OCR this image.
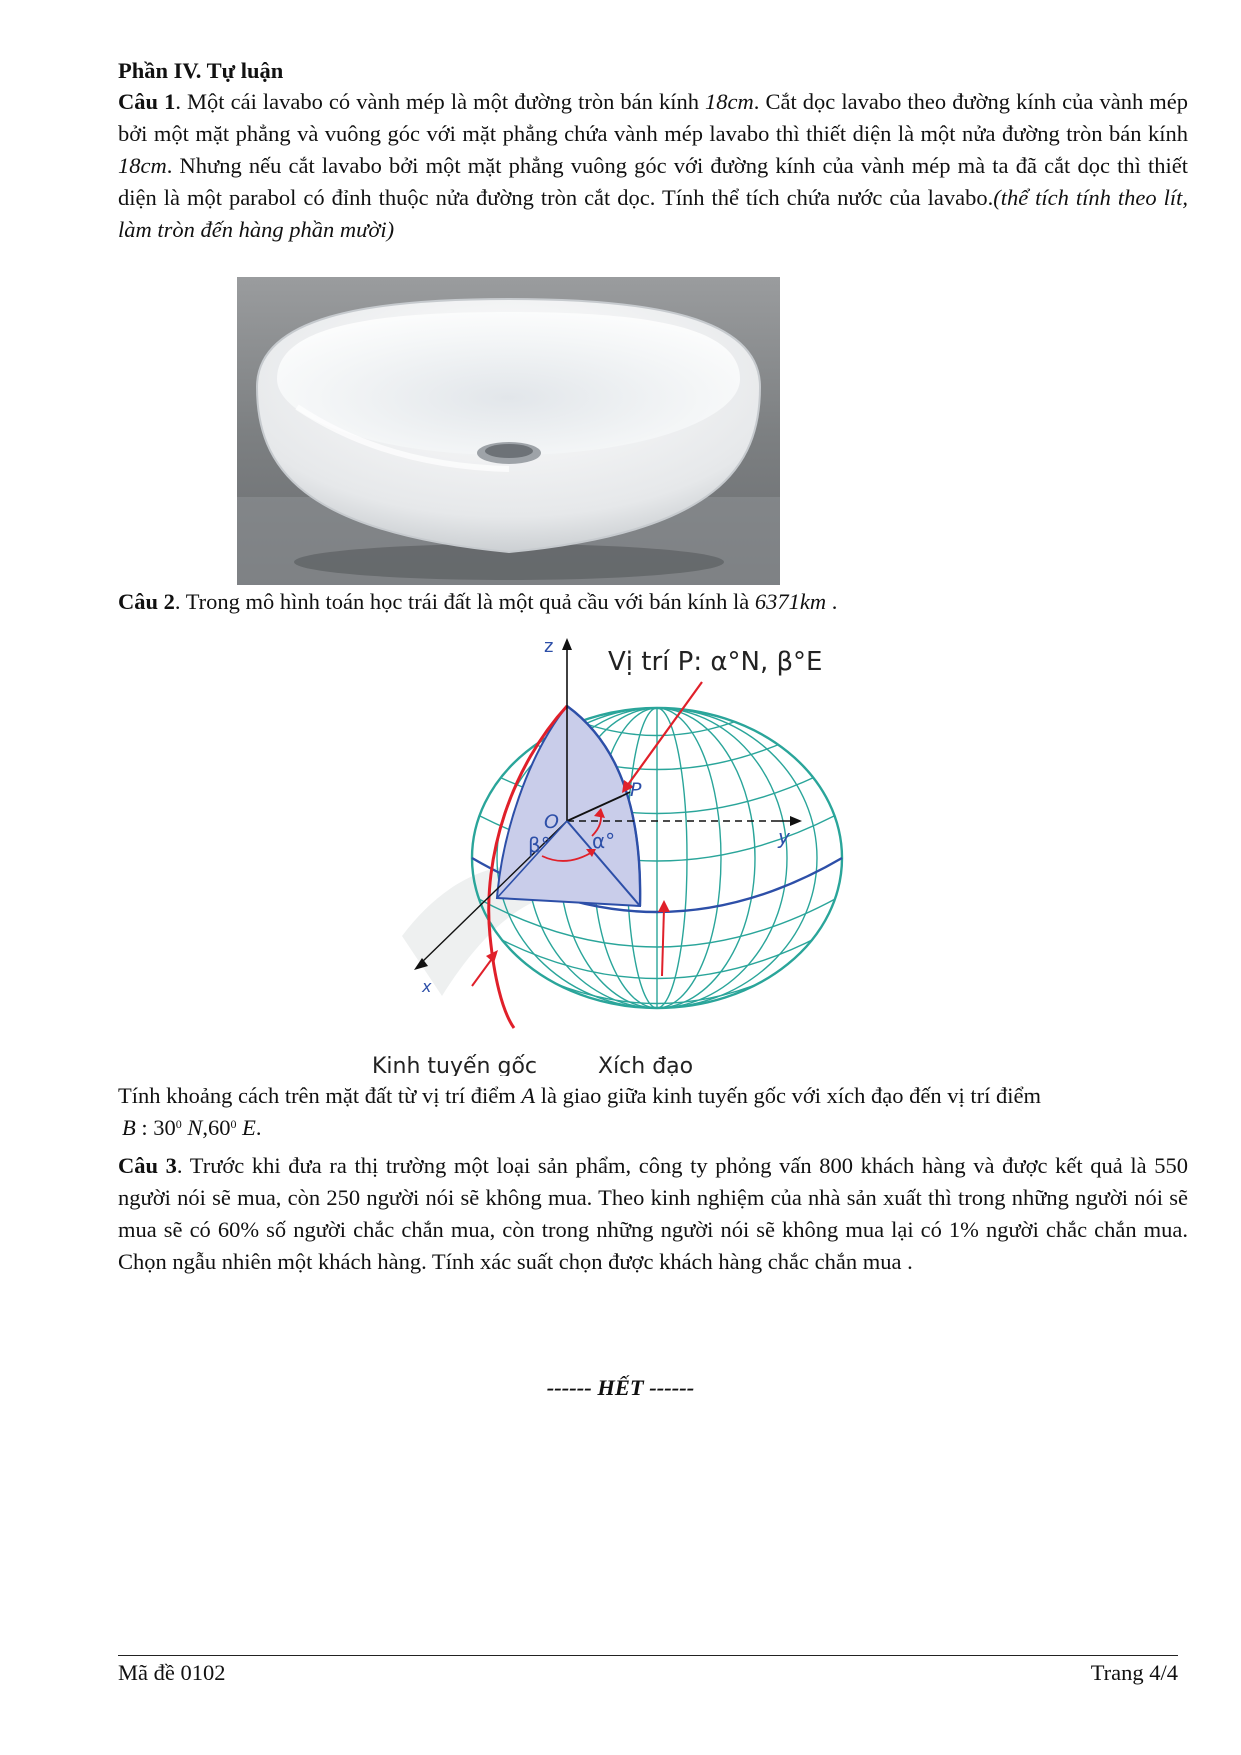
Phần IV. Tự luận

Câu 1. Một cái lavabo có vành mép là một đường tròn bán kính 18cm. Cắt dọc lavabo theo đường kính của vành mép bởi một mặt phẳng và vuông góc với mặt phẳng chứa vành mép lavabo thì thiết diện là một nửa đường tròn bán kính 18cm. Nhưng nếu cắt lavabo bởi một mặt phẳng vuông góc với đường kính của vành mép mà ta đã cắt dọc thì thiết diện là một parabol có đỉnh thuộc nửa đường tròn cắt dọc. Tính thể tích chứa nước của lavabo.(thể tích tính theo lít, làm tròn đến hàng phần mười)

Câu 2. Trong mô hình toán học trái đất là một quả cầu với bán kính là 6371km .

z
y
x
O
P
α°
β°
Vị trí P: α°N, β°E
Kinh tuyến gốc	Xích đạo

Tính khoảng cách trên mặt đất từ vị trí điểm A là giao giữa kinh tuyến gốc với xích đạo đến vị trí điểm

B : $30^0$ $N,60^0$ E.

Câu 3. Trước khi đưa ra thị trường một loại sản phẩm, công ty phỏng vấn 800 khách hàng và được kết quả là 550 người nói sẽ mua, còn 250 người nói sẽ không mua. Theo kinh nghiệm của nhà sản xuất thì trong những người nói sẽ mua sẽ có 60% số người chắc chắn mua, còn trong những người nói sẽ không mua lại có 1% người chắc chắn mua. Chọn ngẫu nhiên một khách hàng. Tính xác suất chọn được khách hàng chắc chắn mua .

------ HẾT ------
Mã đề 0102	Trang 4/4
